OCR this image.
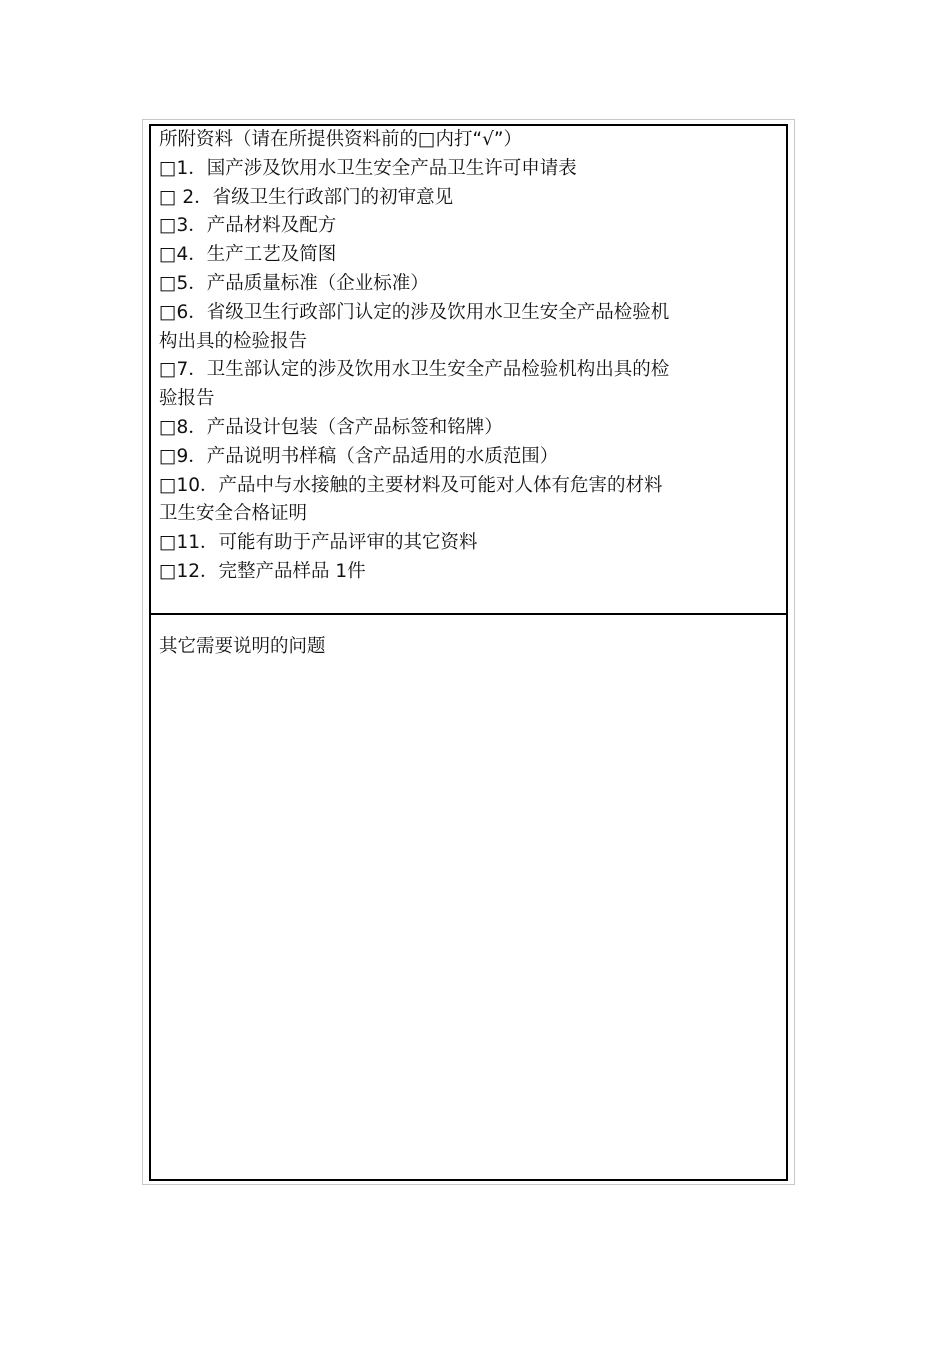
所附资料（请在所提供资料前的□内打“√”）
□1．国产涉及饮用水卫生安全产品卫生许可申请表
□ 2．省级卫生行政部门的初审意见
□3．产品材料及配方
□4．生产工艺及简图
□5．产品质量标准（企业标准）
□6．省级卫生行政部门认定的涉及饮用水卫生安全产品检验机
构出具的检验报告
□7．卫生部认定的涉及饮用水卫生安全产品检验机构出具的检
验报告
□8．产品设计包装（含产品标签和铭牌）
□9．产品说明书样稿（含产品适用的水质范围）
□10．产品中与水接触的主要材料及可能对人体有危害的材料
卫生安全合格证明
□11．可能有助于产品评审的其它资料
□12．完整产品样品 1件
其它需要说明的问题
